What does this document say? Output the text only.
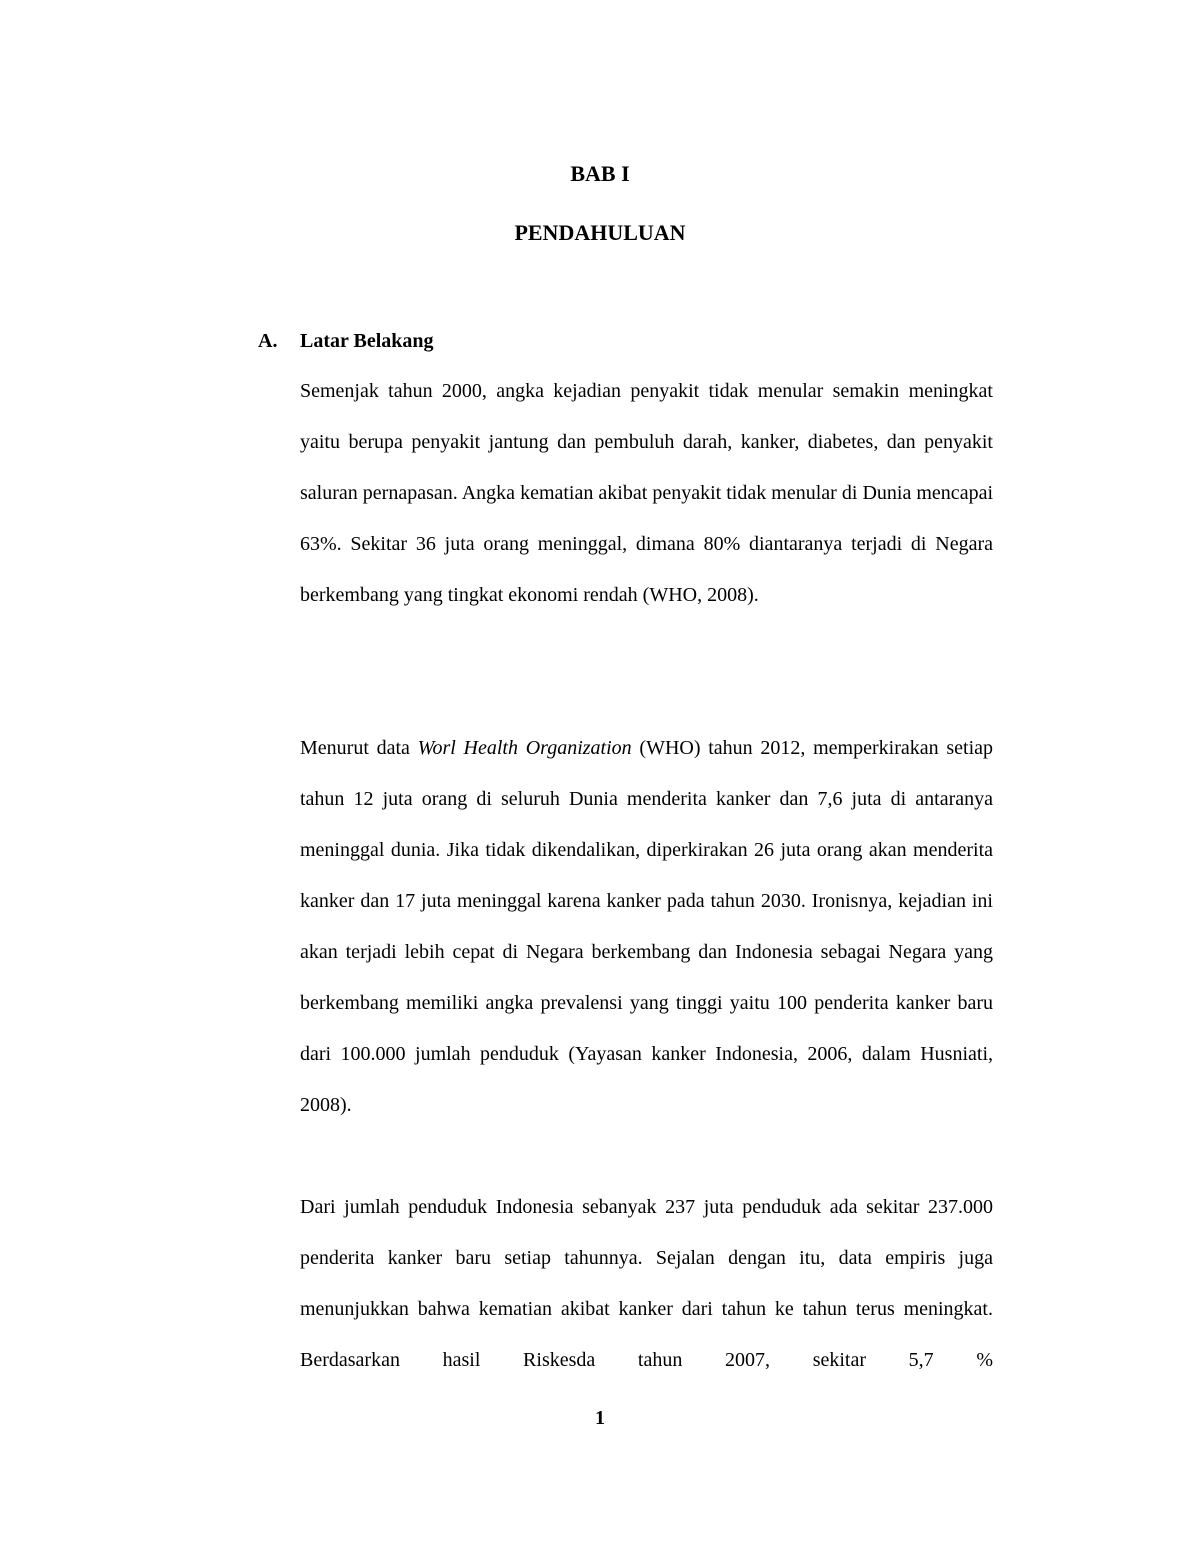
BAB I
PENDAHULUAN
A. Latar Belakang

Semenjak tahun 2000, angka kejadian penyakit tidak menular semakin meningkat yaitu berupa penyakit jantung dan pembuluh darah, kanker, diabetes, dan penyakit saluran pernapasan. Angka kematian akibat penyakit tidak menular di Dunia mencapai 63%. Sekitar 36 juta orang meninggal, dimana 80% diantaranya terjadi di Negara berkembang yang tingkat ekonomi rendah (WHO, 2008).

Menurut data Worl Health Organization (WHO) tahun 2012, memperkirakan setiap tahun 12 juta orang di seluruh Dunia menderita kanker dan 7,6 juta di antaranya meninggal dunia. Jika tidak dikendalikan, diperkirakan 26 juta orang akan menderita kanker dan 17 juta meninggal karena kanker pada tahun 2030. Ironisnya, kejadian ini akan terjadi lebih cepat di Negara berkembang dan Indonesia sebagai Negara yang berkembang memiliki angka prevalensi yang tinggi yaitu 100 penderita kanker baru dari 100.000 jumlah penduduk (Yayasan kanker Indonesia, 2006, dalam Husniati, 2008).

Dari jumlah penduduk Indonesia sebanyak 237 juta penduduk ada sekitar 237.000 penderita kanker baru setiap tahunnya. Sejalan dengan itu, data empiris juga menunjukkan bahwa kematian akibat kanker dari tahun ke tahun terus meningkat. Berdasarkan hasil Riskesda tahun 2007, sekitar 5,7 %

1
